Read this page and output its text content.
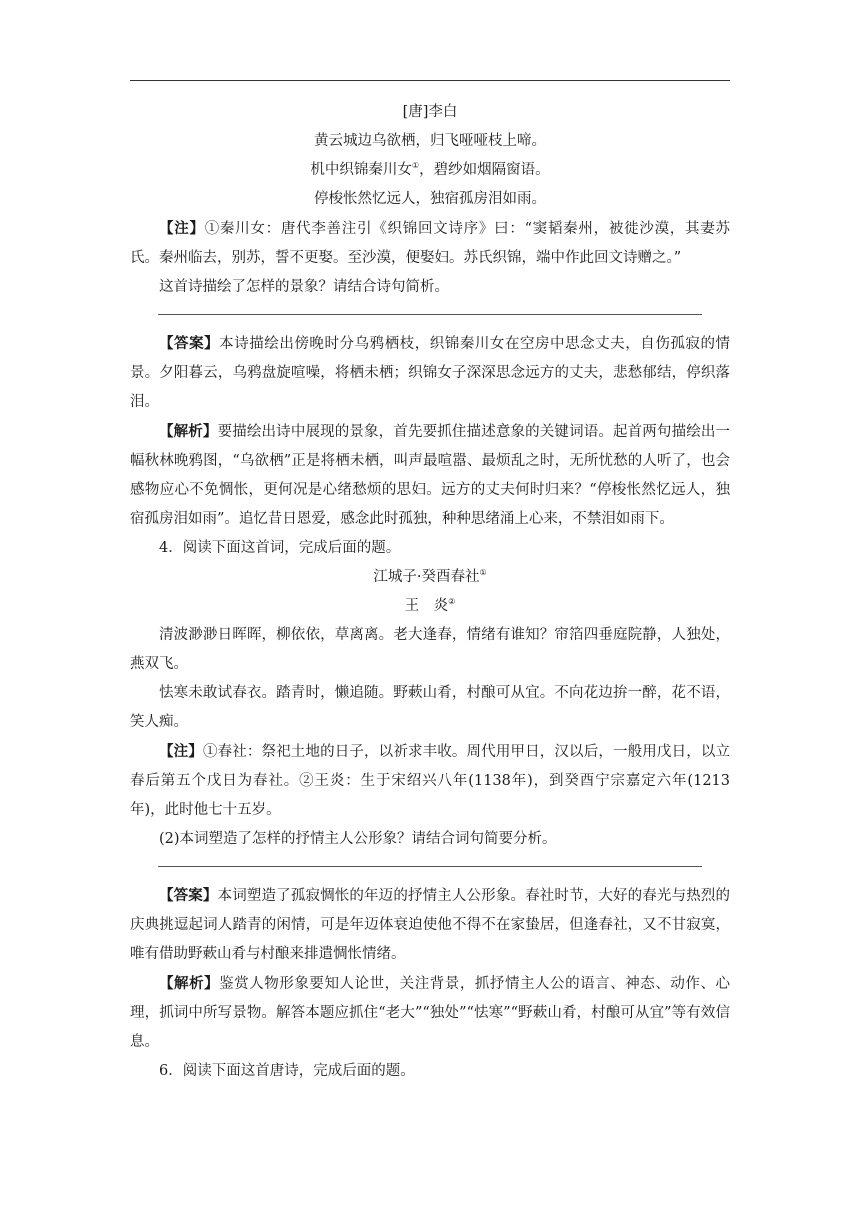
[唐]李白

黄云城边乌欲栖，归飞哑哑枝上啼。

机中织锦秦川女①，碧纱如烟隔窗语。

停梭怅然忆远人，独宿孤房泪如雨。

【注】①秦川女：唐代李善注引《织锦回文诗序》曰：“窦韬秦州，被徙沙漠，其妻苏氏。秦州临去，别苏，誓不更娶。至沙漠，便娶妇。苏氏织锦，端中作此回文诗赠之。”

这首诗描绘了怎样的景象？请结合诗句简析。

【答案】本诗描绘出傍晚时分乌鸦栖枝，织锦秦川女在空房中思念丈夫，自伤孤寂的情景。夕阳暮云，乌鸦盘旋喧噪，将栖未栖；织锦女子深深思念远方的丈夫，悲愁郁结，停织落泪。

【解析】要描绘出诗中展现的景象，首先要抓住描述意象的关键词语。起首两句描绘出一幅秋林晚鸦图，“乌欲栖”正是将栖未栖，叫声最喧嚣、最烦乱之时，无所忧愁的人听了，也会感物应心不免惆怅，更何况是心绪愁烦的思妇。远方的丈夫何时归来？“停梭怅然忆远人，独宿孤房泪如雨”。追忆昔日恩爱，感念此时孤独，种种思绪涌上心来，不禁泪如雨下。

4．阅读下面这首词，完成后面的题。

江城子·癸酉春社①

王　炎②

清波渺渺日晖晖，柳依依，草离离。老大逢春，情绪有谁知？帘箔四垂庭院静，人独处，燕双飞。

怯寒未敢试春衣。踏青时，懒追随。野蔌山肴，村酿可从宜。不向花边拚一醉，花不语，笑人痴。

【注】①春社：祭祀土地的日子，以祈求丰收。周代用甲日，汉以后，一般用戊日，以立春后第五个戊日为春社。②王炎：生于宋绍兴八年(1138年)，到癸酉宁宗嘉定六年(1213年)，此时他七十五岁。

(2)本词塑造了怎样的抒情主人公形象？请结合词句简要分析。

【答案】本词塑造了孤寂惆怅的年迈的抒情主人公形象。春社时节，大好的春光与热烈的庆典挑逗起词人踏青的闲情，可是年迈体衰迫使他不得不在家蛰居，但逢春社，又不甘寂寞，唯有借助野蔌山肴与村酿来排遣惆怅情绪。

【解析】鉴赏人物形象要知人论世，关注背景，抓抒情主人公的语言、神态、动作、心理，抓词中所写景物。解答本题应抓住“老大”“独处”“怯寒”“野蔌山肴，村酿可从宜”等有效信息。

6．阅读下面这首唐诗，完成后面的题。
